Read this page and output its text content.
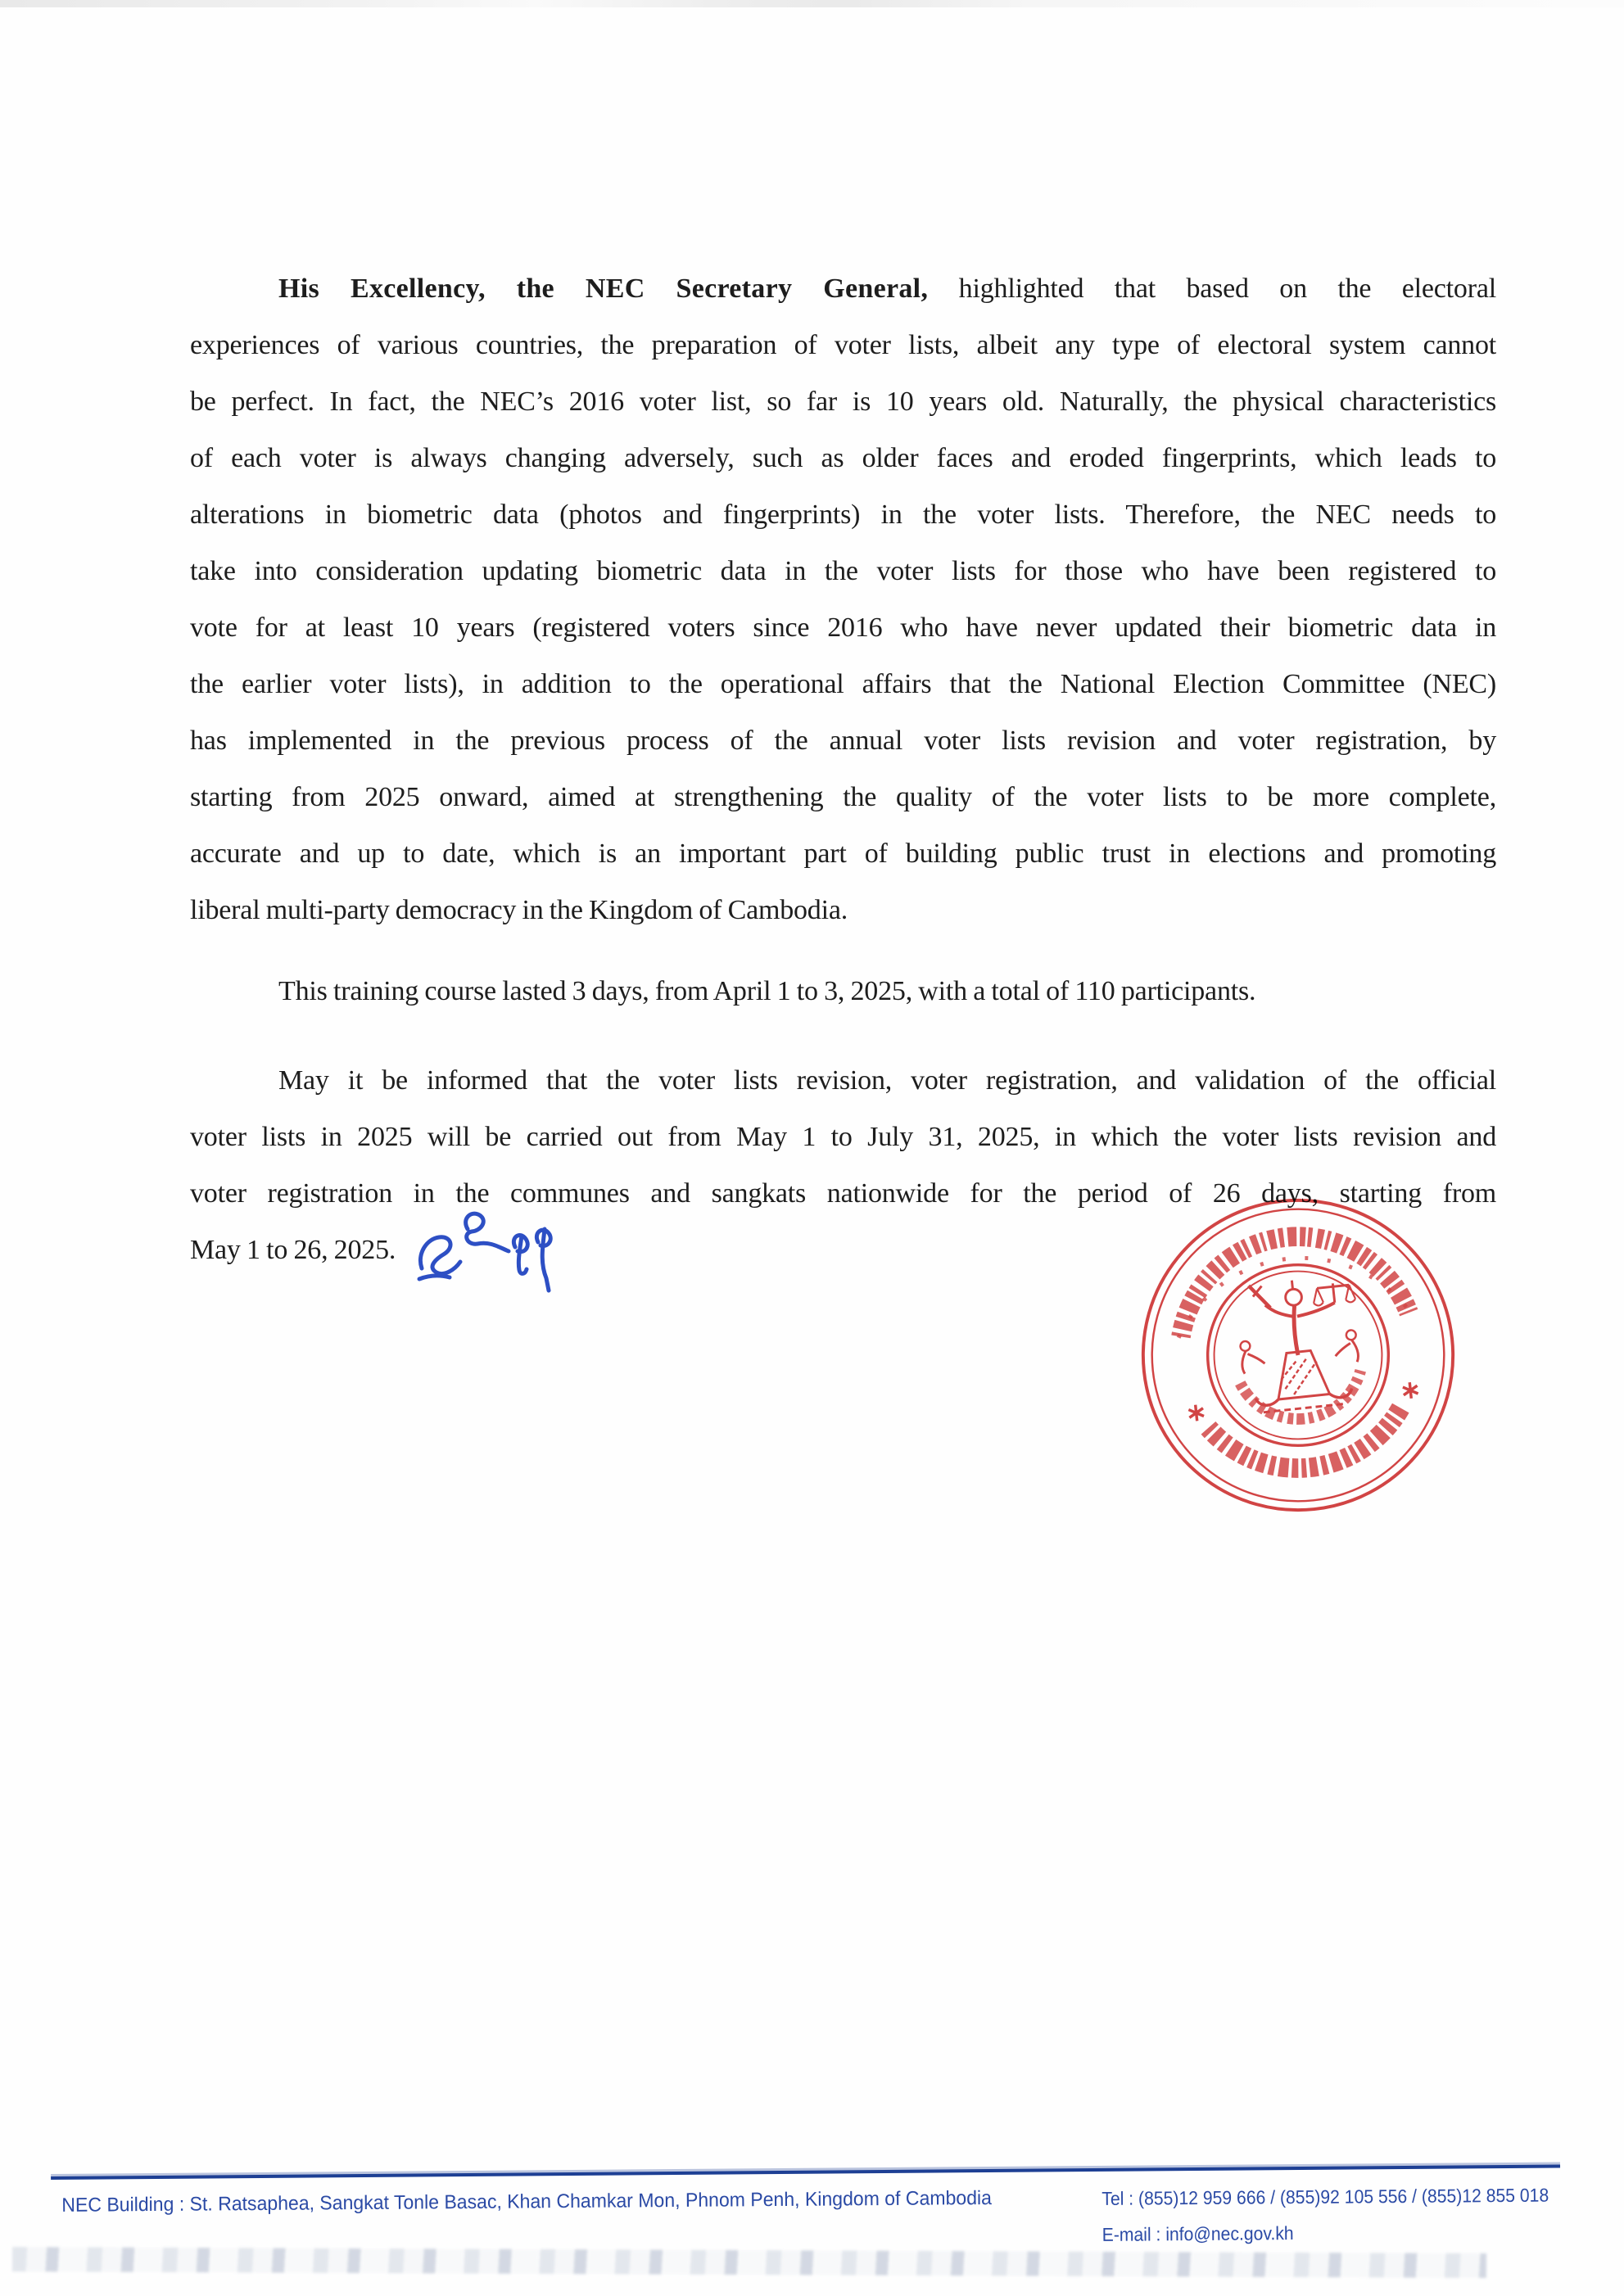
His Excellency, the NEC Secretary General, highlighted that based on the electoral
experiences of various countries, the preparation of voter lists, albeit any type of electoral system cannot
be perfect. In fact, the NEC’s 2016 voter list, so far is 10 years old. Naturally, the physical characteristics
of each voter is always changing adversely, such as older faces and eroded fingerprints, which leads to
alterations in biometric data (photos and fingerprints) in the voter lists. Therefore, the NEC needs to
take into consideration updating biometric data in the voter lists for those who have been registered to
vote for at least 10 years (registered voters since 2016 who have never updated their biometric data in
the earlier voter lists), in addition to the operational affairs that the National Election Committee (NEC)
has implemented in the previous process of the annual voter lists revision and voter registration, by
starting from 2025 onward, aimed at strengthening the quality of the voter lists to be more complete,
accurate and up to date, which is an important part of building public trust in elections and promoting
liberal multi-party democracy in the Kingdom of Cambodia.
This training course lasted 3 days, from April 1 to 3, 2025, with a total of 110 participants.
May it be informed that the voter lists revision, voter registration, and validation of the official
voter lists in 2025 will be carried out from May 1 to July 31, 2025, in which the voter lists revision and
voter registration in the communes and sangkats nationwide for the period of 26 days, starting from
May 1 to 26, 2025.
NEC Building : St. Ratsaphea, Sangkat Tonle Basac, Khan Chamkar Mon, Phnom Penh, Kingdom of Cambodia	Tel : (855)12 959 666 / (855)92 105 556 / (855)12 855 018
E-mail : info@nec.gov.kh
